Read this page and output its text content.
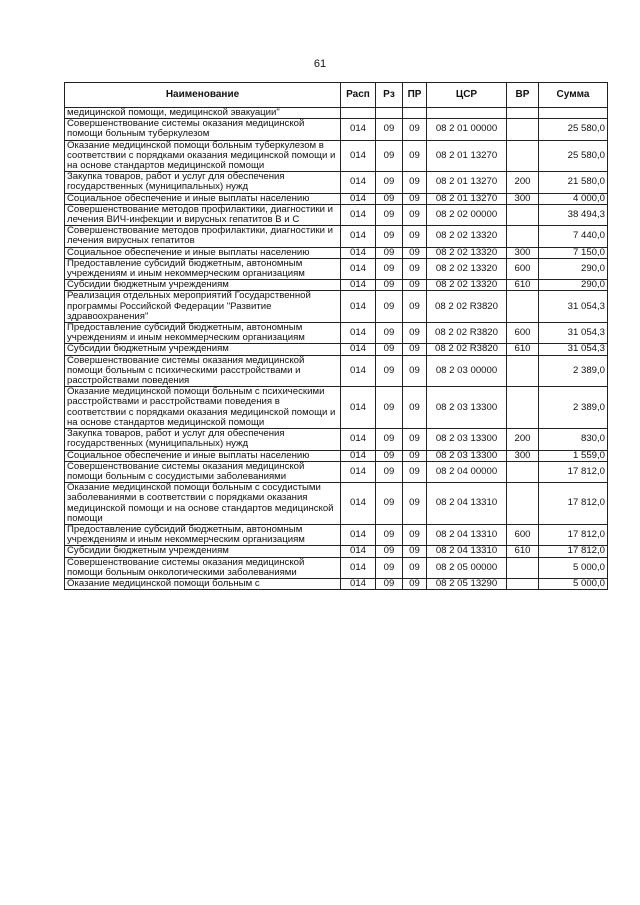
61
Наименование	Расп	Рз	ПР	ЦСР	ВР	Сумма
медицинской помощи, медицинской эвакуации"						
Совершенствование системы оказания медицинской помощи больным туберкулезом	014	09	09	08 2 01 00000		25 580,0
Оказание медицинской помощи больным туберкулезом в соответствии с порядками оказания медицинской помощи и на основе стандартов медицинской помощи	014	09	09	08 2 01 13270		25 580,0
Закупка товаров, работ и услуг для обеспечения государственных (муниципальных) нужд	014	09	09	08 2 01 13270	200	21 580,0
Социальное обеспечение и иные выплаты населению	014	09	09	08 2 01 13270	300	4 000,0
Совершенствование методов профилактики, диагностики и лечения ВИЧ-инфекции и вирусных гепатитов В и С	014	09	09	08 2 02 00000		38 494,3
Совершенствование методов профилактики, диагностики и лечения вирусных гепатитов	014	09	09	08 2 02 13320		7 440,0
Социальное обеспечение и иные выплаты населению	014	09	09	08 2 02 13320	300	7 150,0
Предоставление субсидий бюджетным, автономным учреждениям и иным некоммерческим организациям	014	09	09	08 2 02 13320	600	290,0
Субсидии бюджетным учреждениям	014	09	09	08 2 02 13320	610	290,0
Реализация отдельных мероприятий Государственной программы Российской Федерации "Развитие здравоохранения"	014	09	09	08 2 02 R3820		31 054,3
Предоставление субсидий бюджетным, автономным учреждениям и иным некоммерческим организациям	014	09	09	08 2 02 R3820	600	31 054,3
Субсидии бюджетным учреждениям	014	09	09	08 2 02 R3820	610	31 054,3
Совершенствование системы оказания медицинской помощи больным с психическими расстройствами и расстройствами поведения	014	09	09	08 2 03 00000		2 389,0
Оказание медицинской помощи больным с психическими расстройствами и расстройствами поведения в соответствии с порядками оказания медицинской помощи и на основе стандартов медицинской помощи	014	09	09	08 2 03 13300		2 389,0
Закупка товаров, работ и услуг для обеспечения государственных (муниципальных) нужд	014	09	09	08 2 03 13300	200	830,0
Социальное обеспечение и иные выплаты населению	014	09	09	08 2 03 13300	300	1 559,0
Совершенствование системы оказания медицинской помощи больным с сосудистыми заболеваниями	014	09	09	08 2 04 00000		17 812,0
Оказание медицинской помощи больным с сосудистыми заболеваниями в соответствии с порядками оказания медицинской помощи и на основе стандартов медицинской помощи	014	09	09	08 2 04 13310		17 812,0
Предоставление субсидий бюджетным, автономным учреждениям и иным некоммерческим организациям	014	09	09	08 2 04 13310	600	17 812,0
Субсидии бюджетным учреждениям	014	09	09	08 2 04 13310	610	17 812,0
Совершенствование системы оказания медицинской помощи больным онкологическими заболеваниями	014	09	09	08 2 05 00000		5 000,0
Оказание медицинской помощи больным с	014	09	09	08 2 05 13290		5 000,0
